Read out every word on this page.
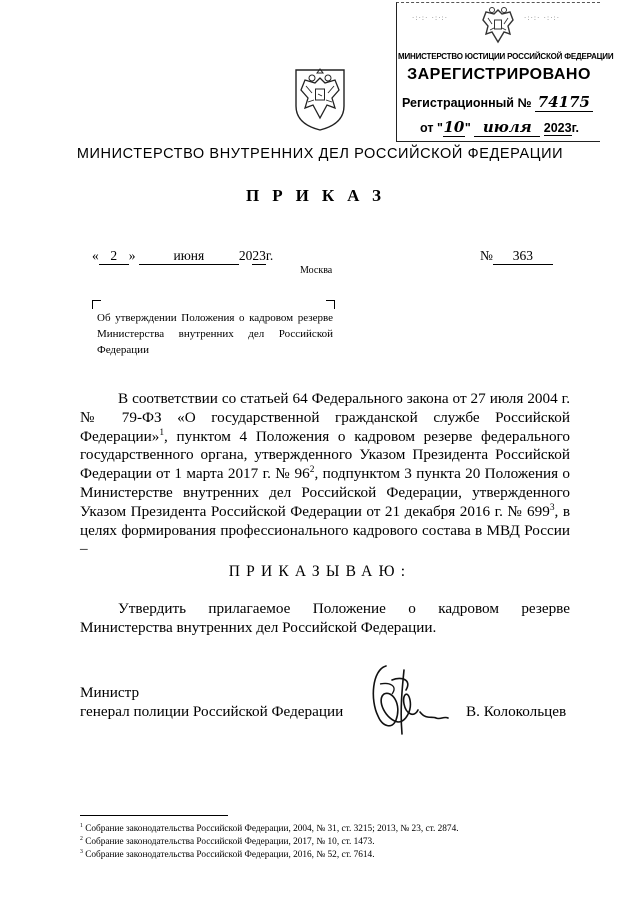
·:·:· ·:·:·	·:·:· ·:·:·
МИНИСТЕРСТВО ЮСТИЦИИ РОССИЙСКОЙ ФЕДЕРАЦИИ
ЗАРЕГИСТРИРОВАНО
Регистрационный № 74175
от "10" июля 2023г.
МИНИСТЕРСТВО ВНУТРЕННИХ ДЕЛ РОССИЙСКОЙ ФЕДЕРАЦИИ
ПРИКАЗ
« 2 »	июня	2023г.	№ 363
Москва
Об утверждении Положения о кадровом резерве Министерства внутренних дел Российской Федерации

В соответствии со статьей 64 Федерального закона от 27 июля 2004 г. № 79-ФЗ «О государственной гражданской службе Российской Федерации»$^1$, пунктом 4 Положения о кадровом резерве федерального государственного органа, утвержденного Указом Президента Российской Федерации от 1 марта 2017 г. № $96^2$, подпунктом 3 пункта 20 Положения о Министерстве внутренних дел Российской Федерации, утвержденного Указом Президента Российской Федерации от 21 декабря 2016 г. № $699^3$, в целях формирования профессионального кадрового состава в МВД России –

ПРИКАЗЫВАЮ:

Утвердить прилагаемое Положение о кадровом резерве Министерства внутренних дел Российской Федерации.

Министр
генерал полиции Российской Федерации	В. Колокольцев
$^1$ Собрание законодательства Российской Федерации, 2004, № 31, ст. 3215; 2013, № 23, ст. 2874.
$^2$ Собрание законодательства Российской Федерации, 2017, № 10, ст. 1473.
$^3$ Собрание законодательства Российской Федерации, 2016, № 52, ст. 7614.
